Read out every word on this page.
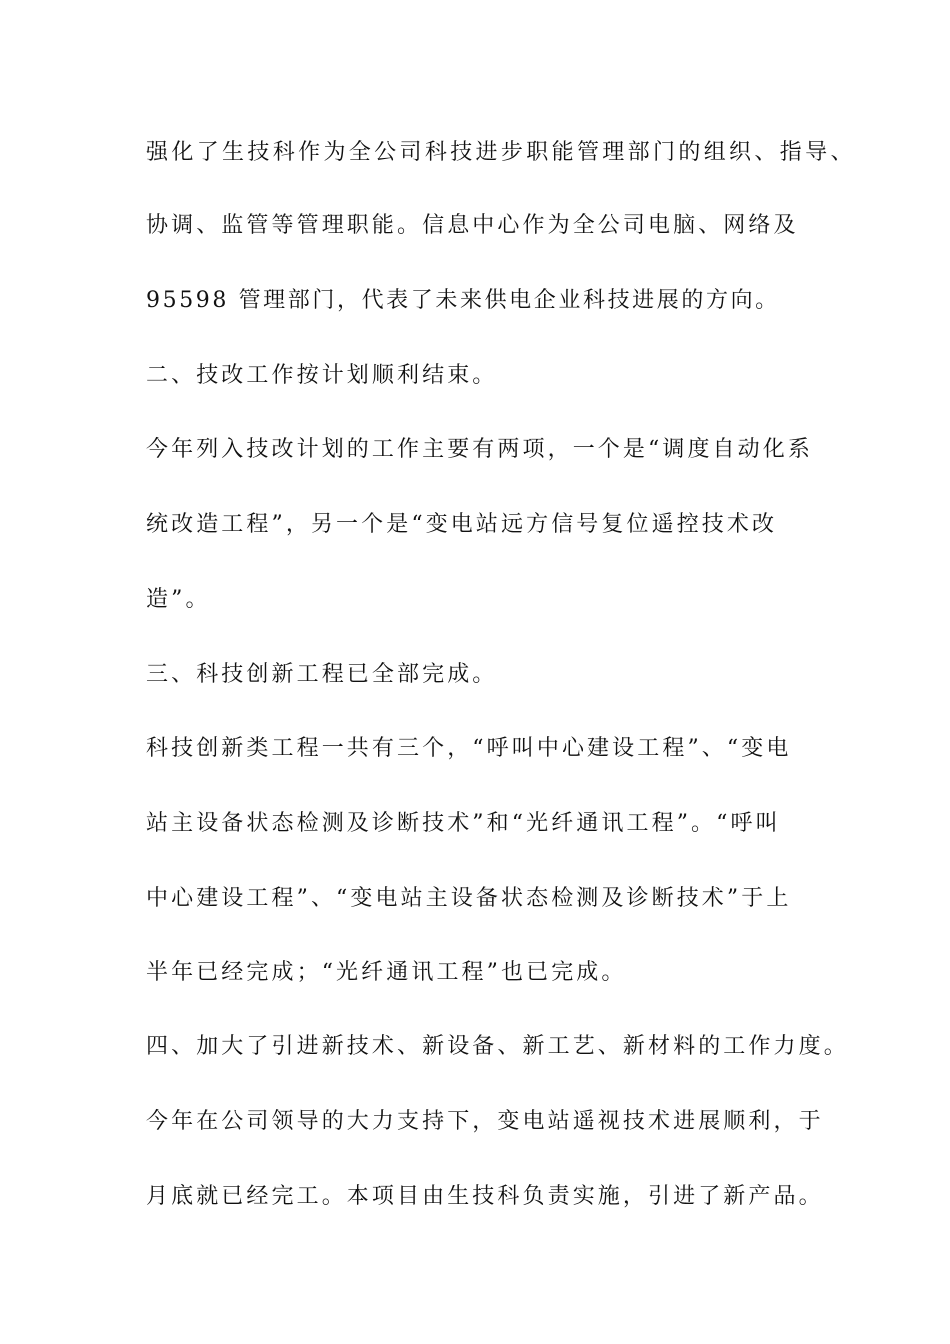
强化了生技科作为全公司科技进步职能管理部门的组织、指导、
协调、监管等管理职能。信息中心作为全公司电脑、网络及
95598 管理部门，代表了未来供电企业科技进展的方向。
二、技改工作按计划顺利结束。
今年列入技改计划的工作主要有两项，一个是“调度自动化系
统改造工程”，另一个是“变电站远方信号复位遥控技术改
造”。
三、科技创新工程已全部完成。
科技创新类工程一共有三个，“呼叫中心建设工程”、“变电
站主设备状态检测及诊断技术”和“光纤通讯工程”。“呼叫
中心建设工程”、“变电站主设备状态检测及诊断技术”于上
半年已经完成；“光纤通讯工程”也已完成。
四、加大了引进新技术、新设备、新工艺、新材料的工作力度。
今年在公司领导的大力支持下，变电站遥视技术进展顺利，于
月底就已经完工。本项目由生技科负责实施，引进了新产品。
